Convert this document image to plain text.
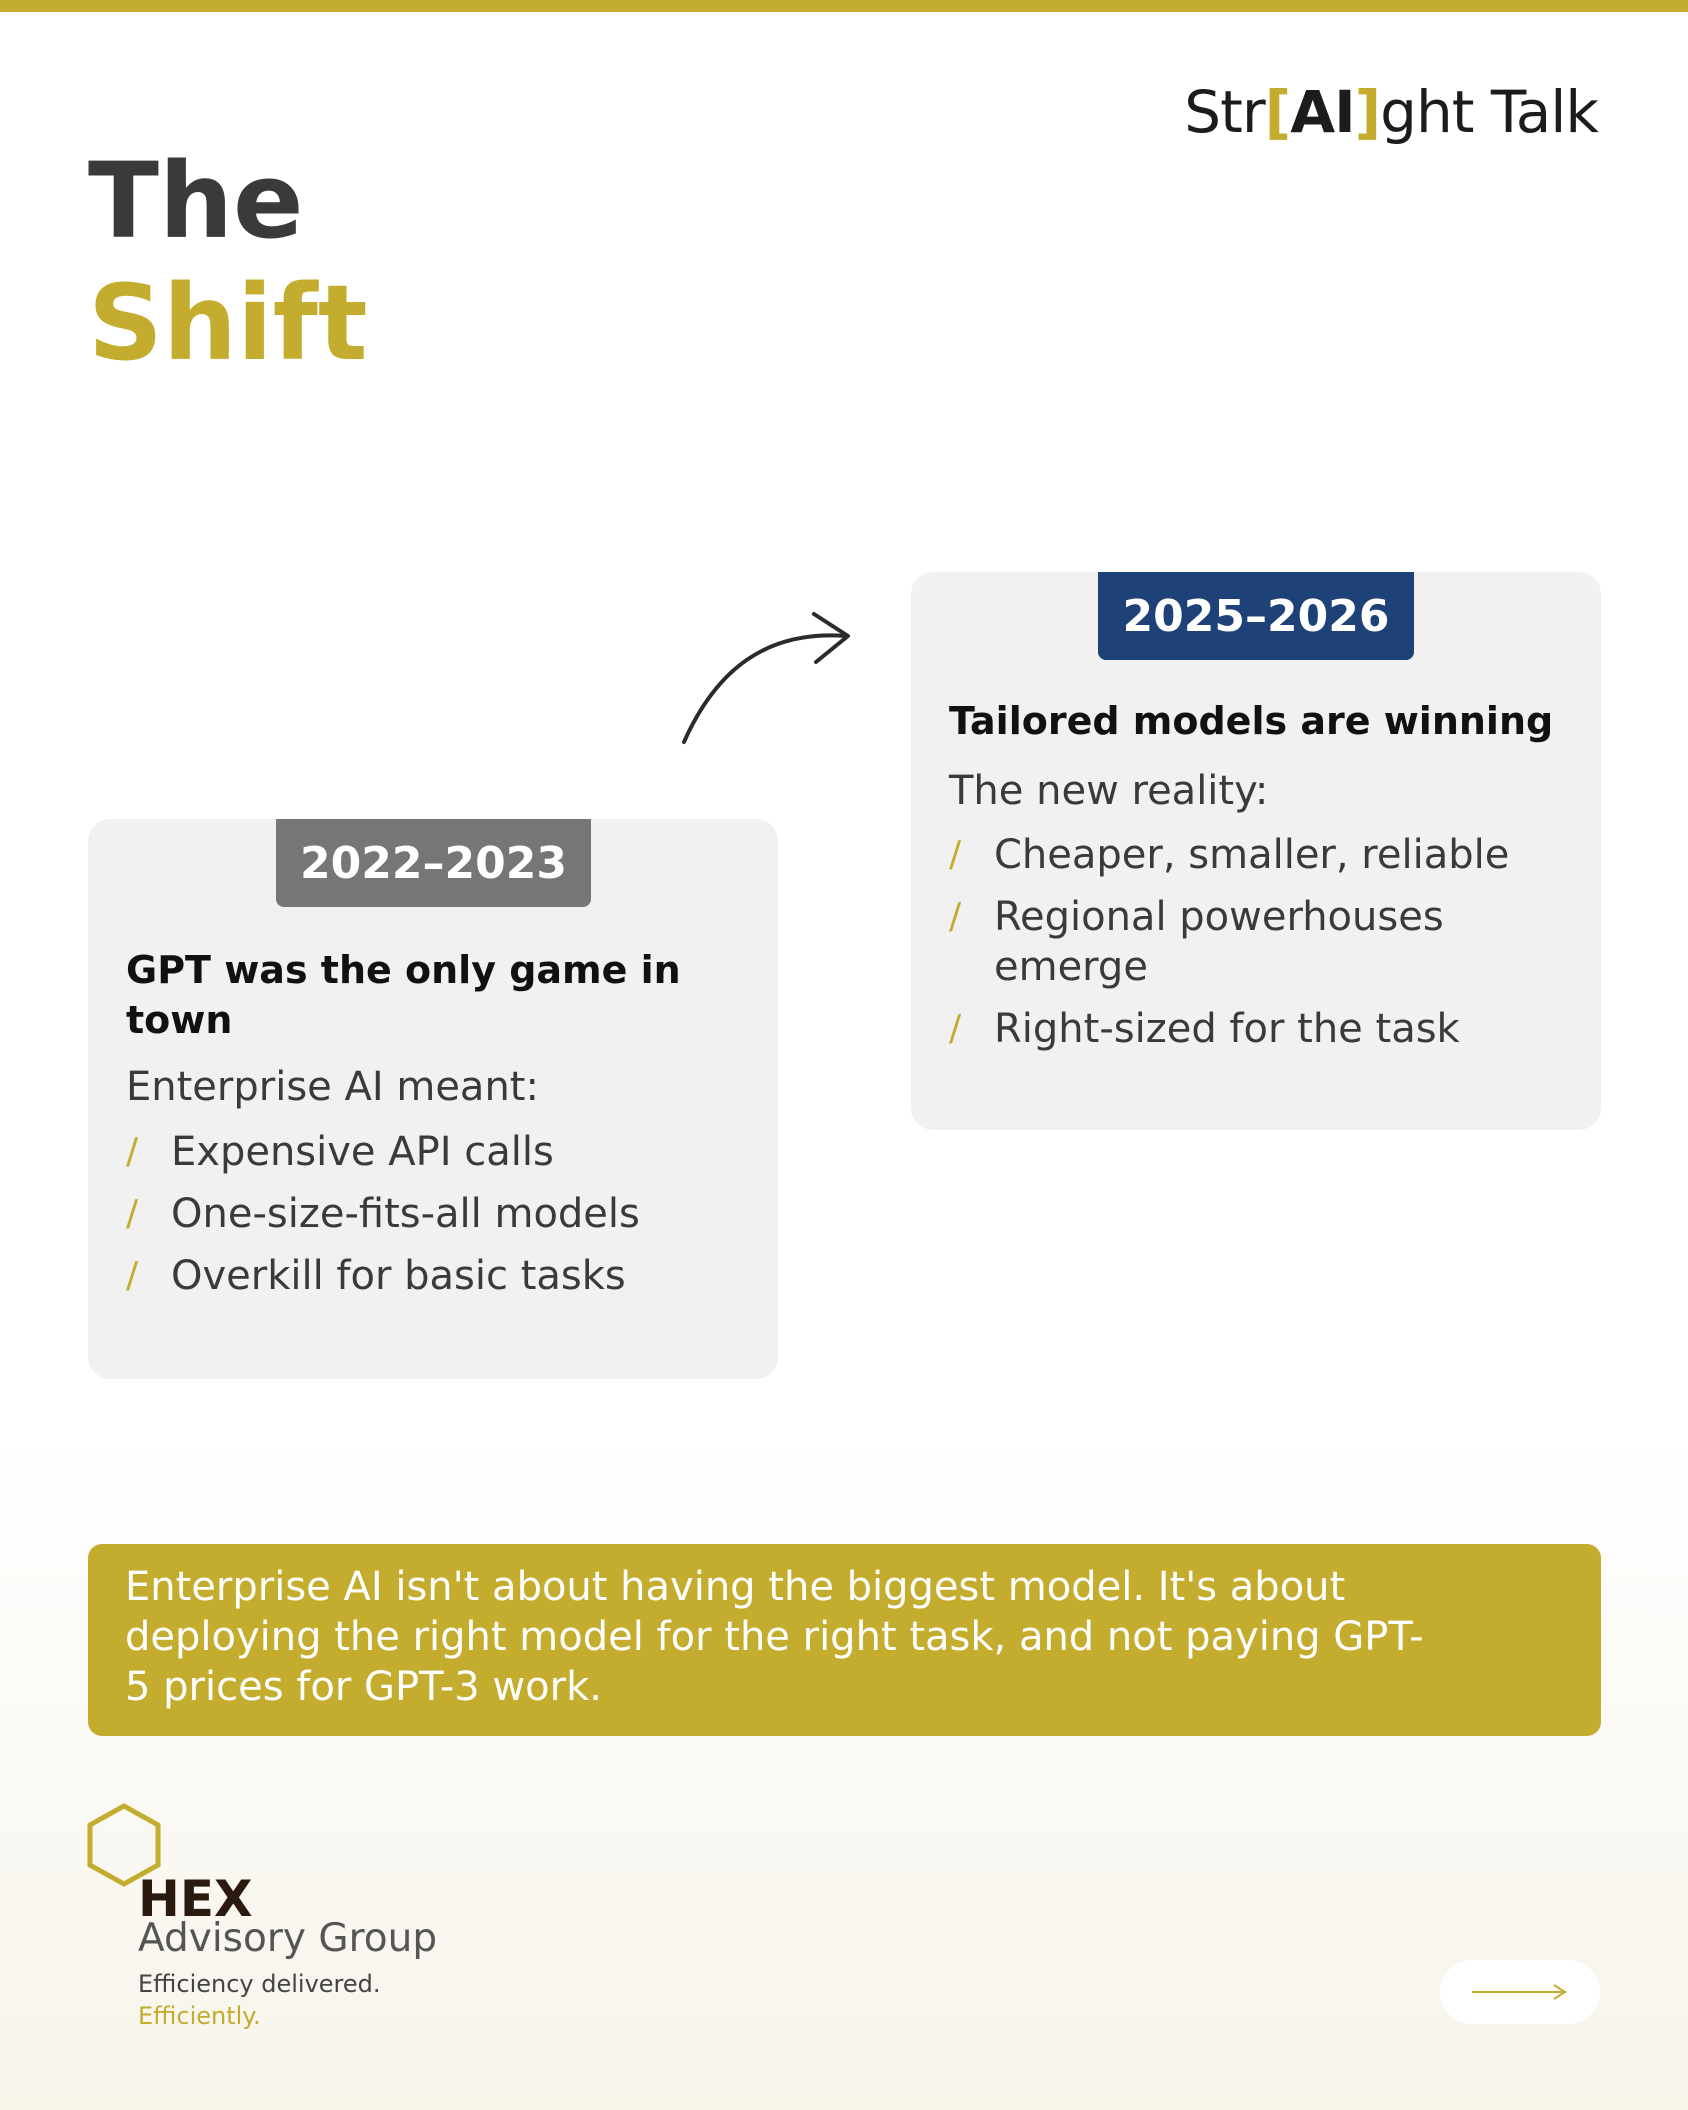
Str[AI]ght Talk
The
Shift
2022–2023
GPT was the only game in town
Enterprise AI meant:
/ Expensive API calls
/ One-size-fits-all models
/ Overkill for basic tasks
2025–2026
Tailored models are winning
The new reality:
/ Cheaper, smaller, reliable
/ Regional powerhouses emerge
/ Right-sized for the task
Enterprise AI isn't about having the biggest model. It's about deploying the right model for the right task, and not paying GPT-5 prices for GPT-3 work.
HEX
Advisory Group
Efficiency delivered.
Efficiently.
